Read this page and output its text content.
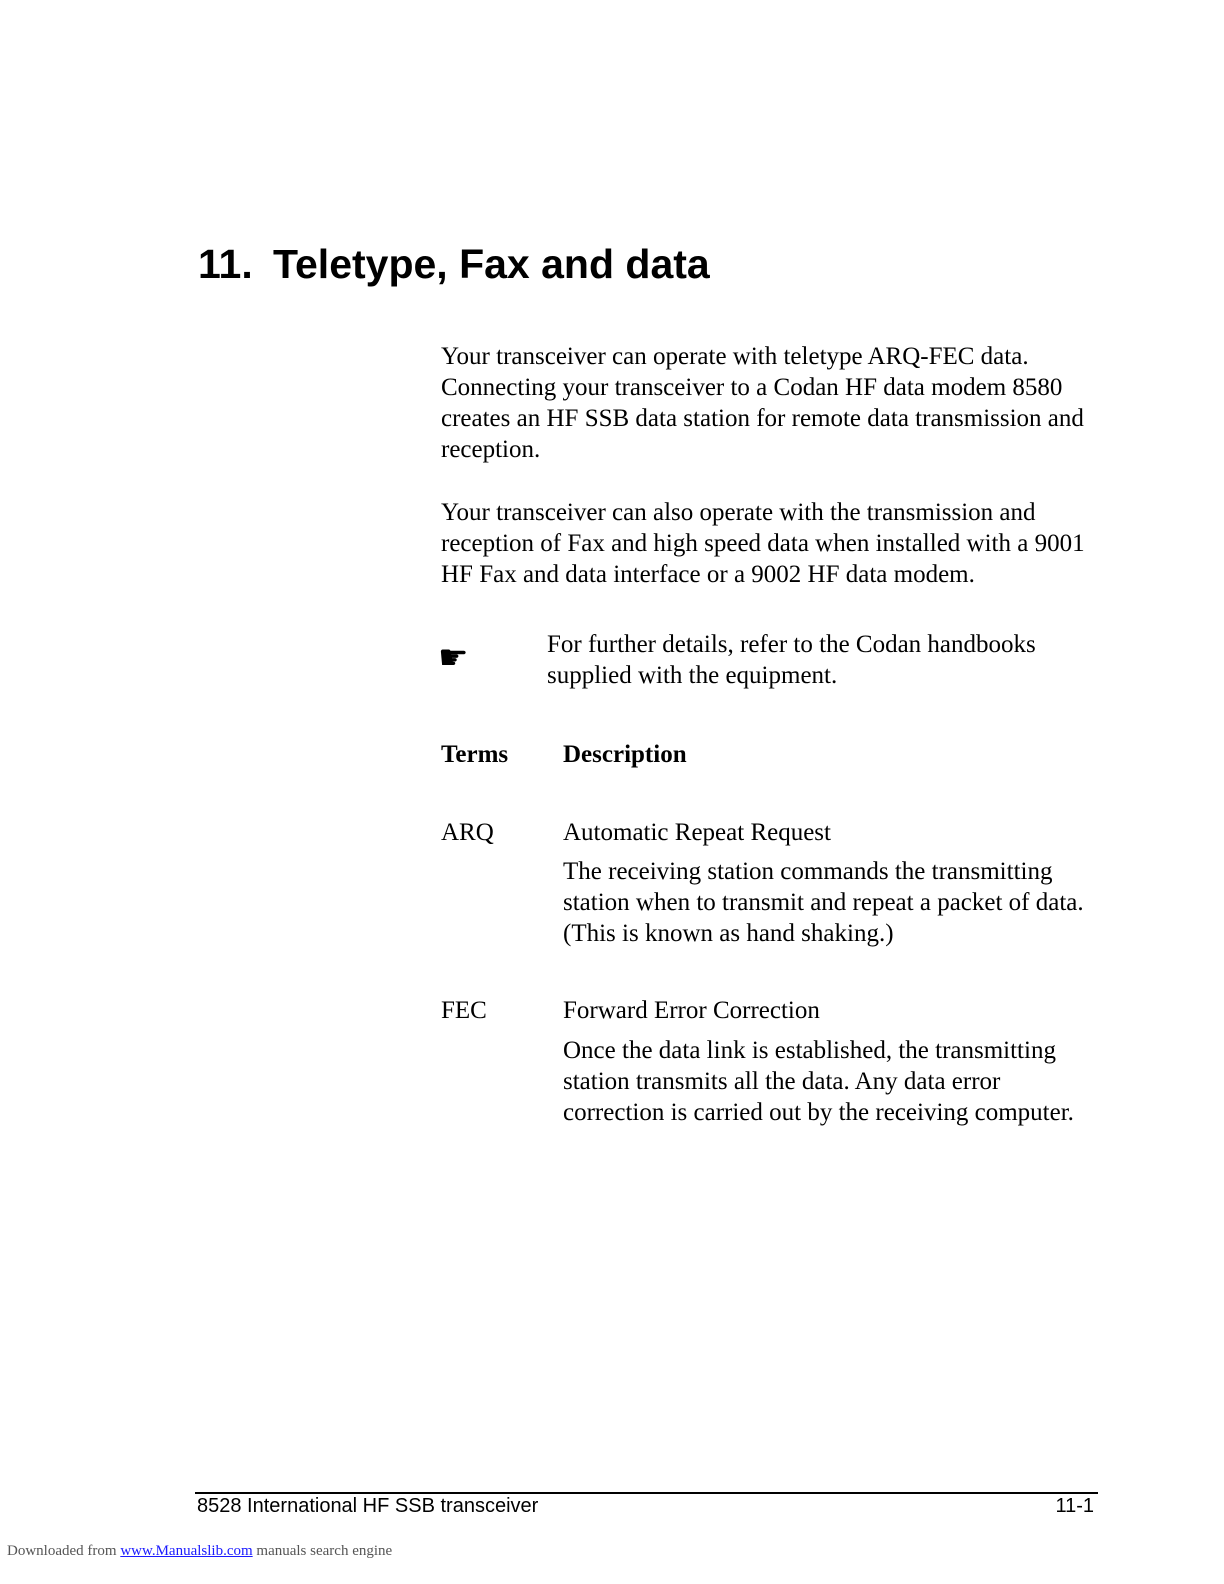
11. Teletype, Fax and data

Your transceiver can operate with teletype ARQ-FEC data. Connecting your transceiver to a Codan HF data modem 8580 creates an HF SSB data station for remote data transmission and reception.

Your transceiver can also operate with the transmission and reception of Fax and high speed data when installed with a 9001 HF Fax and data interface or a 9002 HF data modem.

☛	For further details, refer to the Codan handbooks supplied with the equipment.

Terms Description
ARQ	Automatic Repeat Request

The receiving station commands the transmitting station when to transmit and repeat a packet of data. (This is known as hand shaking.)

FEC	Forward Error Correction

Once the data link is established, the transmitting station transmits all the data. Any data error correction is carried out by the receiving computer.

8528 International HF SSB transceiver	11-1
Downloaded from www.Manualslib.com manuals search engine
